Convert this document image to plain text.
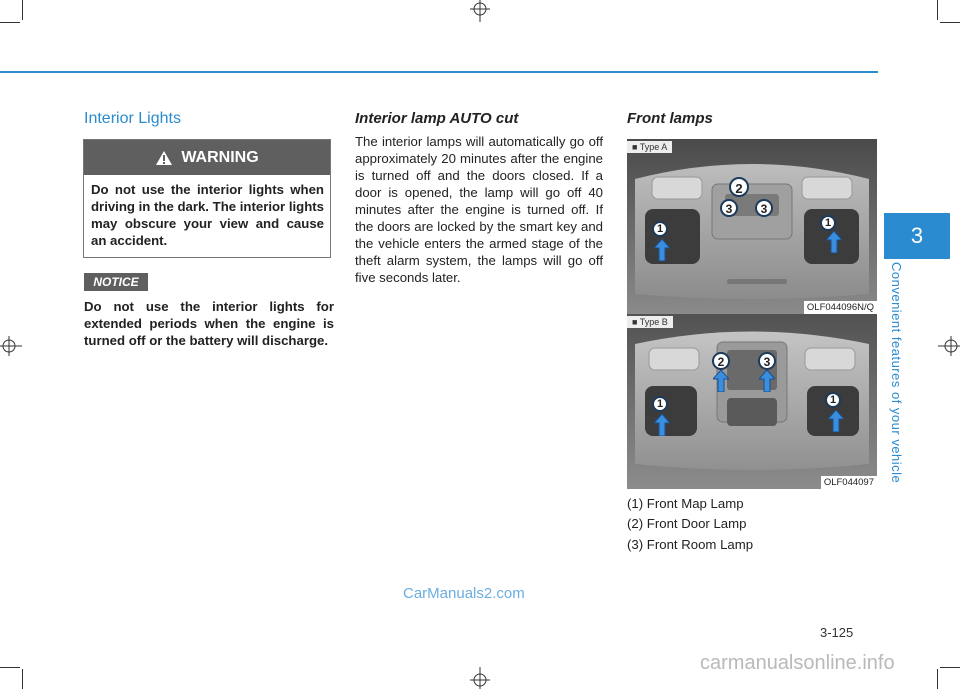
3
Convenient features of your vehicle
Interior Lights
WARNING
Do not use the interior lights when driving in the dark. The interior lights may obscure your view and cause an accident.
NOTICE
Do not use the interior lights for extended periods when the engine is turned off or the battery will discharge.
Interior lamp AUTO cut
The interior lamps will automatically go off approximately 20 minutes after the engine is turned off and the doors closed. If a door is opened, the lamp will go off 40 minutes after the engine is turned off. If the doors are locked by the smart key and the vehicle enters the armed stage of the theft alarm system, the lamps will go off five seconds later.
Front lamps
2
3	3
1	1
■ Type A
OLF044096N/Q
2	3
1	1
■ Type B
OLF044097
(1) Front Map Lamp
(2) Front Door Lamp
(3) Front Room Lamp
CarManuals2.com
3-125
carmanualsonline.info
